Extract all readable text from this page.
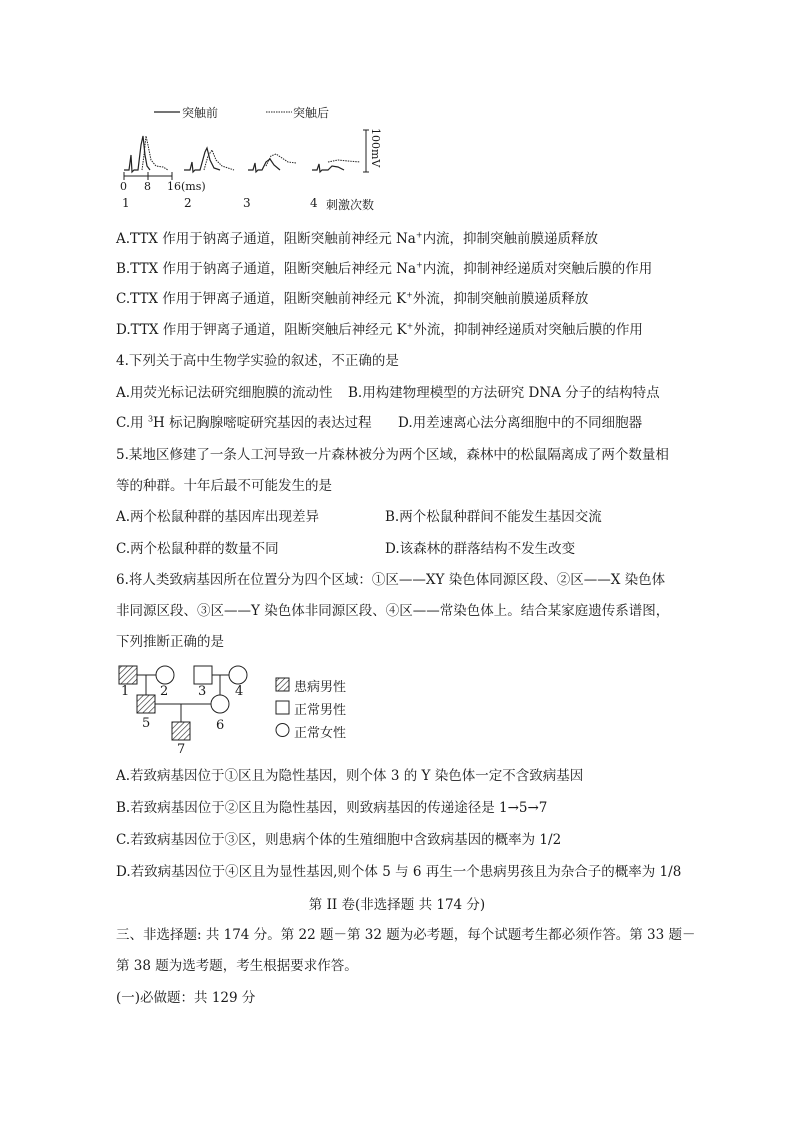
突触前	突触后
100mV
0 8 16(ms)
1	2	3	4 刺激次数
A.TTX 作用于钠离子通道，阻断突触前神经元 Na+内流，抑制突触前膜递质释放
B.TTX 作用于钠离子通道，阻断突触后神经元 Na+内流，抑制神经递质对突触后膜的作用
C.TTX 作用于钾离子通道，阻断突触前神经元 K+外流，抑制突触前膜递质释放
D.TTX 作用于钾离子通道，阻断突触后神经元 K+外流，抑制神经递质对突触后膜的作用
4.下列关于高中生物学实验的叙述，不正确的是
A.用荧光标记法研究细胞膜的流动性 B.用构建物理模型的方法研究 DNA 分子的结构特点
C.用 $^3$H 标记胸腺嘧啶研究基因的表达过程 D.用差速离心法分离细胞中的不同细胞器
5.某地区修建了一条人工河导致一片森林被分为两个区域，森林中的松鼠隔离成了两个数量相
等的种群。十年后最不可能发生的是
A.两个松鼠种群的基因库出现差异	B.两个松鼠种群间不能发生基因交流
C.两个松鼠种群的数量不同	D.该森林的群落结构不发生改变
6.将人类致病基因所在位置分为四个区域：①区——XY 染色体同源区段、②区——X 染色体
非同源区段、③区——Y 染色体非同源区段、④区——常染色体上。结合某家庭遗传系谱图，
下列推断正确的是
1 2 3 4
5	6
7
患病男性
正常男性
正常女性
A.若致病基因位于①区且为隐性基因，则个体 3 的 Y 染色体一定不含致病基因
B.若致病基因位于②区且为隐性基因，则致病基因的传递途径是 1→5→7
C.若致病基因位于③区，则患病个体的生殖细胞中含致病基因的概率为 1/2
D.若致病基因位于④区且为显性基因,则个体 5 与 6 再生一个患病男孩且为杂合子的概率为 1/8
第 II 卷(非选择题 共 174 分)
三、非选择题: 共 174 分。第 22 题－第 32 题为必考题，每个试题考生都必须作答。第 33 题－
第 38 题为选考题，考生根据要求作答。
(一)必做题：共 129 分
